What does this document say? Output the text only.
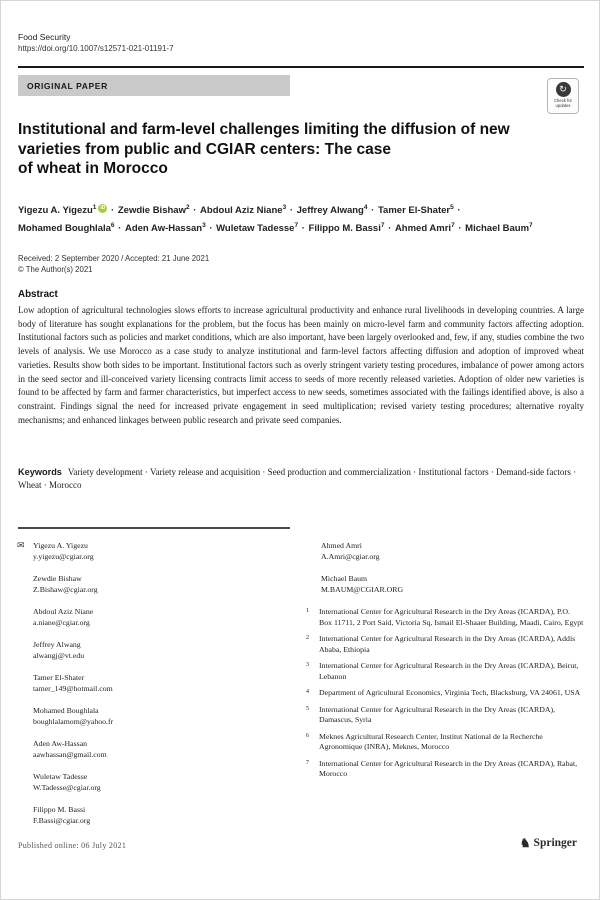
Food Security
https://doi.org/10.1007/s12571-021-01191-7
ORIGINAL PAPER	↻
Check for updates
Institutional and farm-level challenges limiting the diffusion of new
varieties from public and CGIAR centers: The case
of wheat in Morocco
Yigezu A. Yigezu$^1$ iD · Zewdie Bishaw$^2$ · Abdoul Aziz Niane$^3$ · Jeffrey Alwang$^4$ · Tamer El-Shater$^5$ ·
Mohamed Boughlala$^6$ · Aden Aw-Hassan$^3$ · Wuletaw Tadesse$^7$ · Filippo M. Bassi$^7$ · Ahmed Amri$^7$ · Michael Baum$^7$
Received: 2 September 2020 / Accepted: 21 June 2021
© The Author(s) 2021
Abstract
Low adoption of agricultural technologies slows efforts to increase agricultural productivity and enhance rural livelihoods in developing countries. A large body of literature has sought explanations for the problem, but the focus has been mainly on micro-level farm and community factors affecting adoption. Institutional factors such as policies and market conditions, which are also important, have been largely overlooked and, few, if any, studies combine the two levels of analysis. We use Morocco as a case study to analyze institutional and farm-level factors affecting diffusion and adoption of improved wheat varieties. Results show both sides to be important. Institutional factors such as overly stringent variety testing procedures, imbalance of power among actors in the seed sector and ill-conceived variety licensing contracts limit access to seeds of more recently released varieties. Adoption of older new varieties is found to be affected by farm and farmer characteristics, but imperfect access to new seeds, sometimes associated with the failings identified above, is also a constraint. Findings signal the need for increased private engagement in seed multiplication; revised variety testing procedures; alternative royalty mechanisms; and enhanced linkages between public research and private seed companies.
Keywords Variety development · Variety release and acquisition · Seed production and commercialization · Institutional factors · Demand-side factors · Wheat · Morocco
✉ Yigezu A. Yigezu
y.yigezu@cgiar.org
Zewdie Bishaw
Z.Bishaw@cgiar.org
Abdoul Aziz Niane
a.niane@cgiar.org
Jeffrey Alwang
alwangj@vt.edu
Tamer El-Shater
tamer_149@hotmail.com
Mohamed Boughlala
boughlalamom@yahoo.fr
Aden Aw-Hassan
aawhassan@gmail.com
Wuletaw Tadesse
W.Tadesse@cgiar.org
Filippo M. Bassi
F.Bassi@cgiar.org
Ahmed Amri
A.Amri@cgiar.org
Michael Baum
M.BAUM@CGIAR.ORG
1	International Center for Agricultural Research in the Dry Areas (ICARDA), P.O. Box 11711, 2 Port Said, Victoria Sq, Ismail El-Shaaer Building, Maadi, Cairo, Egypt
2	International Center for Agricultural Research in the Dry Areas (ICARDA), Addis Ababa, Ethiopia
3	International Center for Agricultural Research in the Dry Areas (ICARDA), Beirut, Lebanon
4	Department of Agricultural Economics, Virginia Tech, Blacksburg, VA 24061, USA
5	International Center for Agricultural Research in the Dry Areas (ICARDA), Damascus, Syria
6	Meknes Agricultural Research Center, Institut National de la Recherche Agronomique (INRA), Meknes, Morocco
7	International Center for Agricultural Research in the Dry Areas (ICARDA), Rabat, Morocco
Published online: 06 July 2021	♞ Springer
